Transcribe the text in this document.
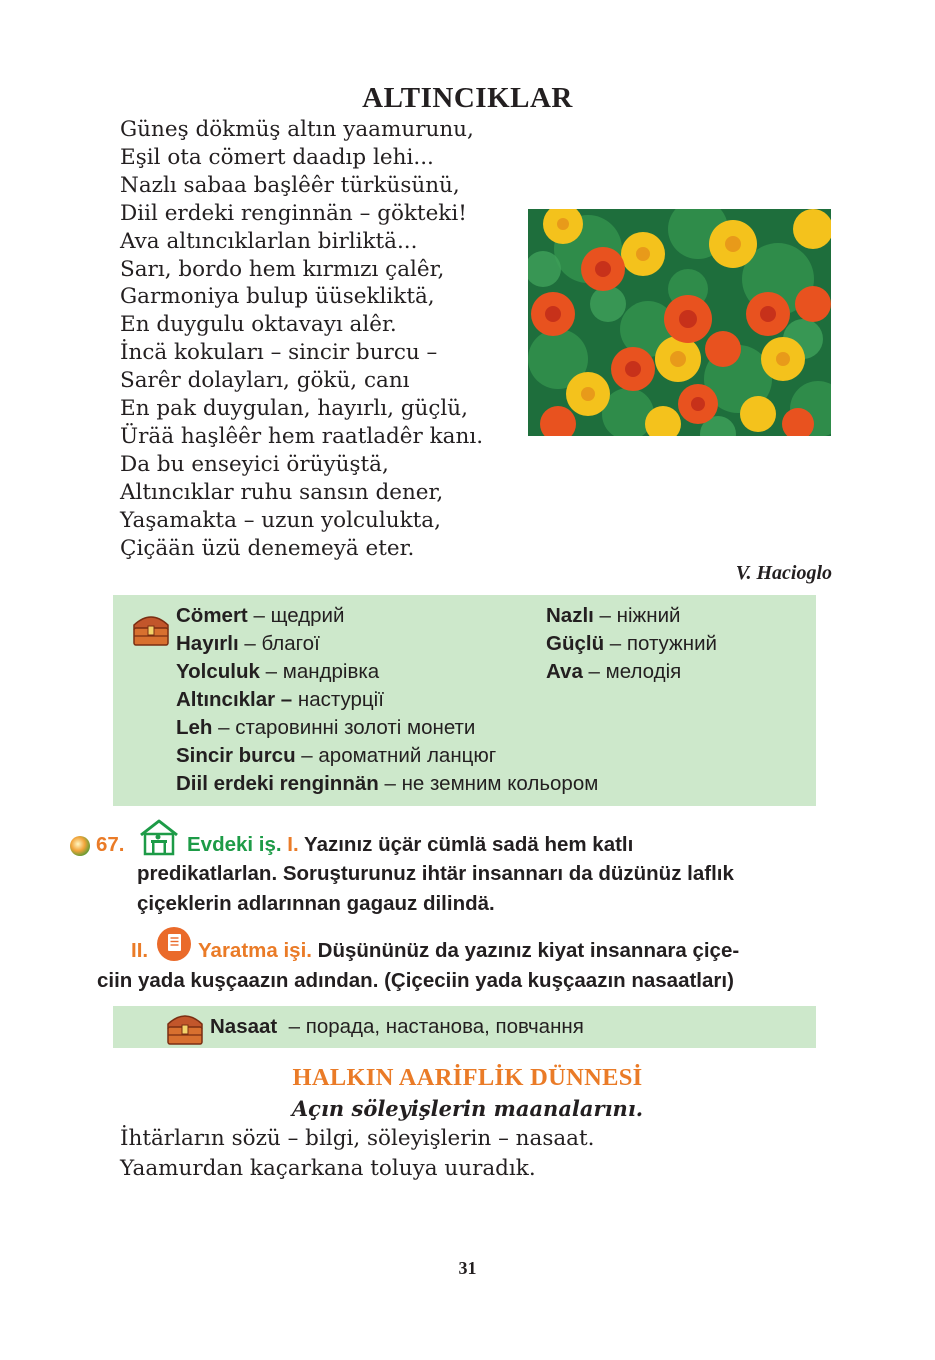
ALTINCIKLAR
Güneş dökmüş altın yaamurunu,
Eşil ota cömert daadıp lehi...
Nazlı sabaa başlêêr türküsünü,
Diil erdeki renginnän – gökteki!
Ava altıncıklarlan birliktä...
Sarı, bordo hem kırmızı çalêr,
Garmoniya bulup üüsekliktä,
En duygulu oktavayı alêr.
İncä kokuları – sincir burcu –
Sarêr dolayları, gökü, canı
En pak duygulan, hayırlı, güçlü,
Ürää haşlêêr hem raatladêr kanı.
Da bu enseyici örüyüştä,
Altıncıklar ruhu sansın dener,
Yaşamakta – uzun yolculukta,
Çiçään üzü denemeyä eter.
V. Hacioglo
Cömert – щедрий	Nazlı – ніжний
Hayırlı – благої	Güçlü – потужний
Yolculuk – мандрівка	Ava – мелодія
Altıncıklar – настурції
Leh – старовинні золоті монети
Sincir burcu – ароматний ланцюг
Diil erdeki renginnän – не земним кольором
67.	Evdeki iş. I. Yazınız üçär cümlä sadä hem katlı
predikatlarlan. Soruşturunuz ihtär insannarı da düzünüz laflık
çiçeklerin adlarınnan gagauz dilindä.
II. Yaratma işi. Düşününüz da yazınız kiyat insannara çiçe-
ciin yada kuşçaazın adından. (Çiçeciin yada kuşçaazın nasaatları)
Nasaat  – порада, настанова, повчання
HALKIN AARİFLİK DÜNNESİ
Açın söleyişlerin maanalarını.
İhtärların sözü – bilgi, söleyişlerin – nasaat.
Yaamurdan kaçarkana toluya uuradık.
31
